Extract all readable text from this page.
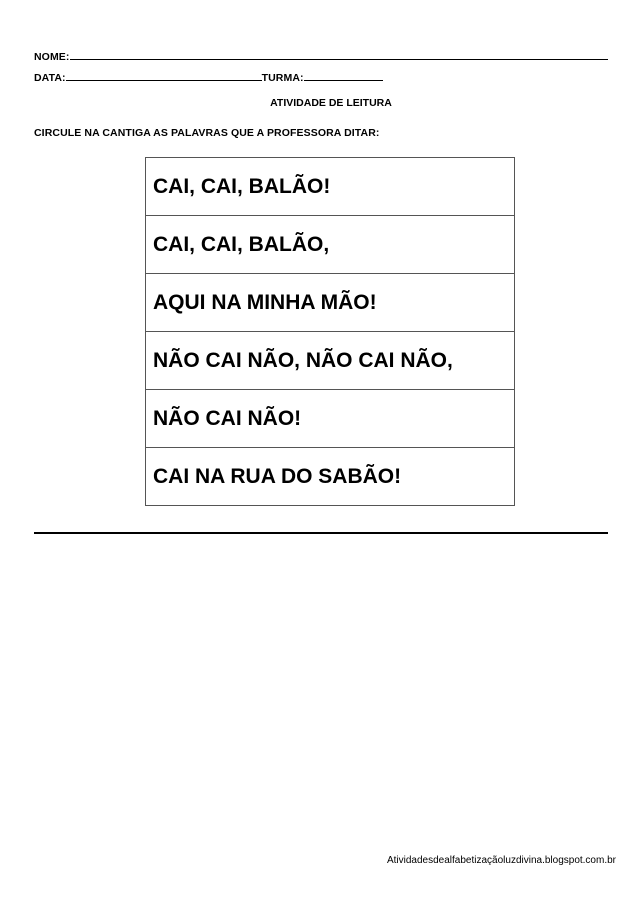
NOME:
DATA:	TURMA:
ATIVIDADE DE LEITURA
CIRCULE NA CANTIGA AS PALAVRAS QUE A PROFESSORA DITAR:
CAI, CAI, BALÃO!
CAI, CAI, BALÃO,
AQUI NA MINHA MÃO!
NÃO CAI NÃO, NÃO CAI NÃO,
NÃO CAI NÃO!
CAI NA RUA DO SABÃO!
Atividadesdealfabetizaçãoluzdivina.blogspot.com.br
